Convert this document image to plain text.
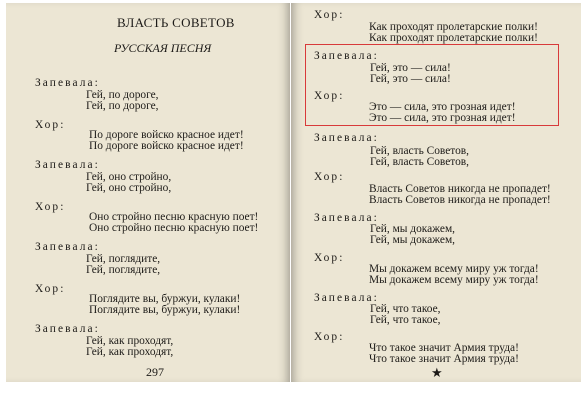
ВЛАСТЬ СОВЕТОВ
РУССКАЯ ПЕСНЯ
Запевала:
Гей, по дороге,
Гей, по дороге,
Хор:
По дороге войско красное идет!
По дороге войско красное идет!
Запевала:
Гей, оно стройно,
Гей, оно стройно,
Хор:
Оно стройно песню красную поет!
Оно стройно песню красную поет!
Запевала:
Гей, поглядите,
Гей, поглядите,
Хор:
Поглядите вы, буржуи, кулаки!
Поглядите вы, буржуи, кулаки!
Запевала:
Гей, как проходят,
Гей, как проходят,
Хор:
Как проходят пролетарские полки!
Как проходят пролетарские полки!
Запевала:
Гей, это — сила!
Гей, это — сила!
Хор:
Это — сила, это грозная идет!
Это — сила, это грозная идет!
Запевала:
Гей, власть Советов,
Гей, власть Советов,
Хор:
Власть Советов никогда не пропадет!
Власть Советов никогда не пропадет!
Запевала:
Гей, мы докажем,
Гей, мы докажем,
Хор:
Мы докажем всему миру уж тогда!
Мы докажем всему миру уж тогда!
Запевала:
Гей, что такое,
Гей, что такое,
Хор:
Что такое значит Армия труда!
Что такое значит Армия труда!
297	★
